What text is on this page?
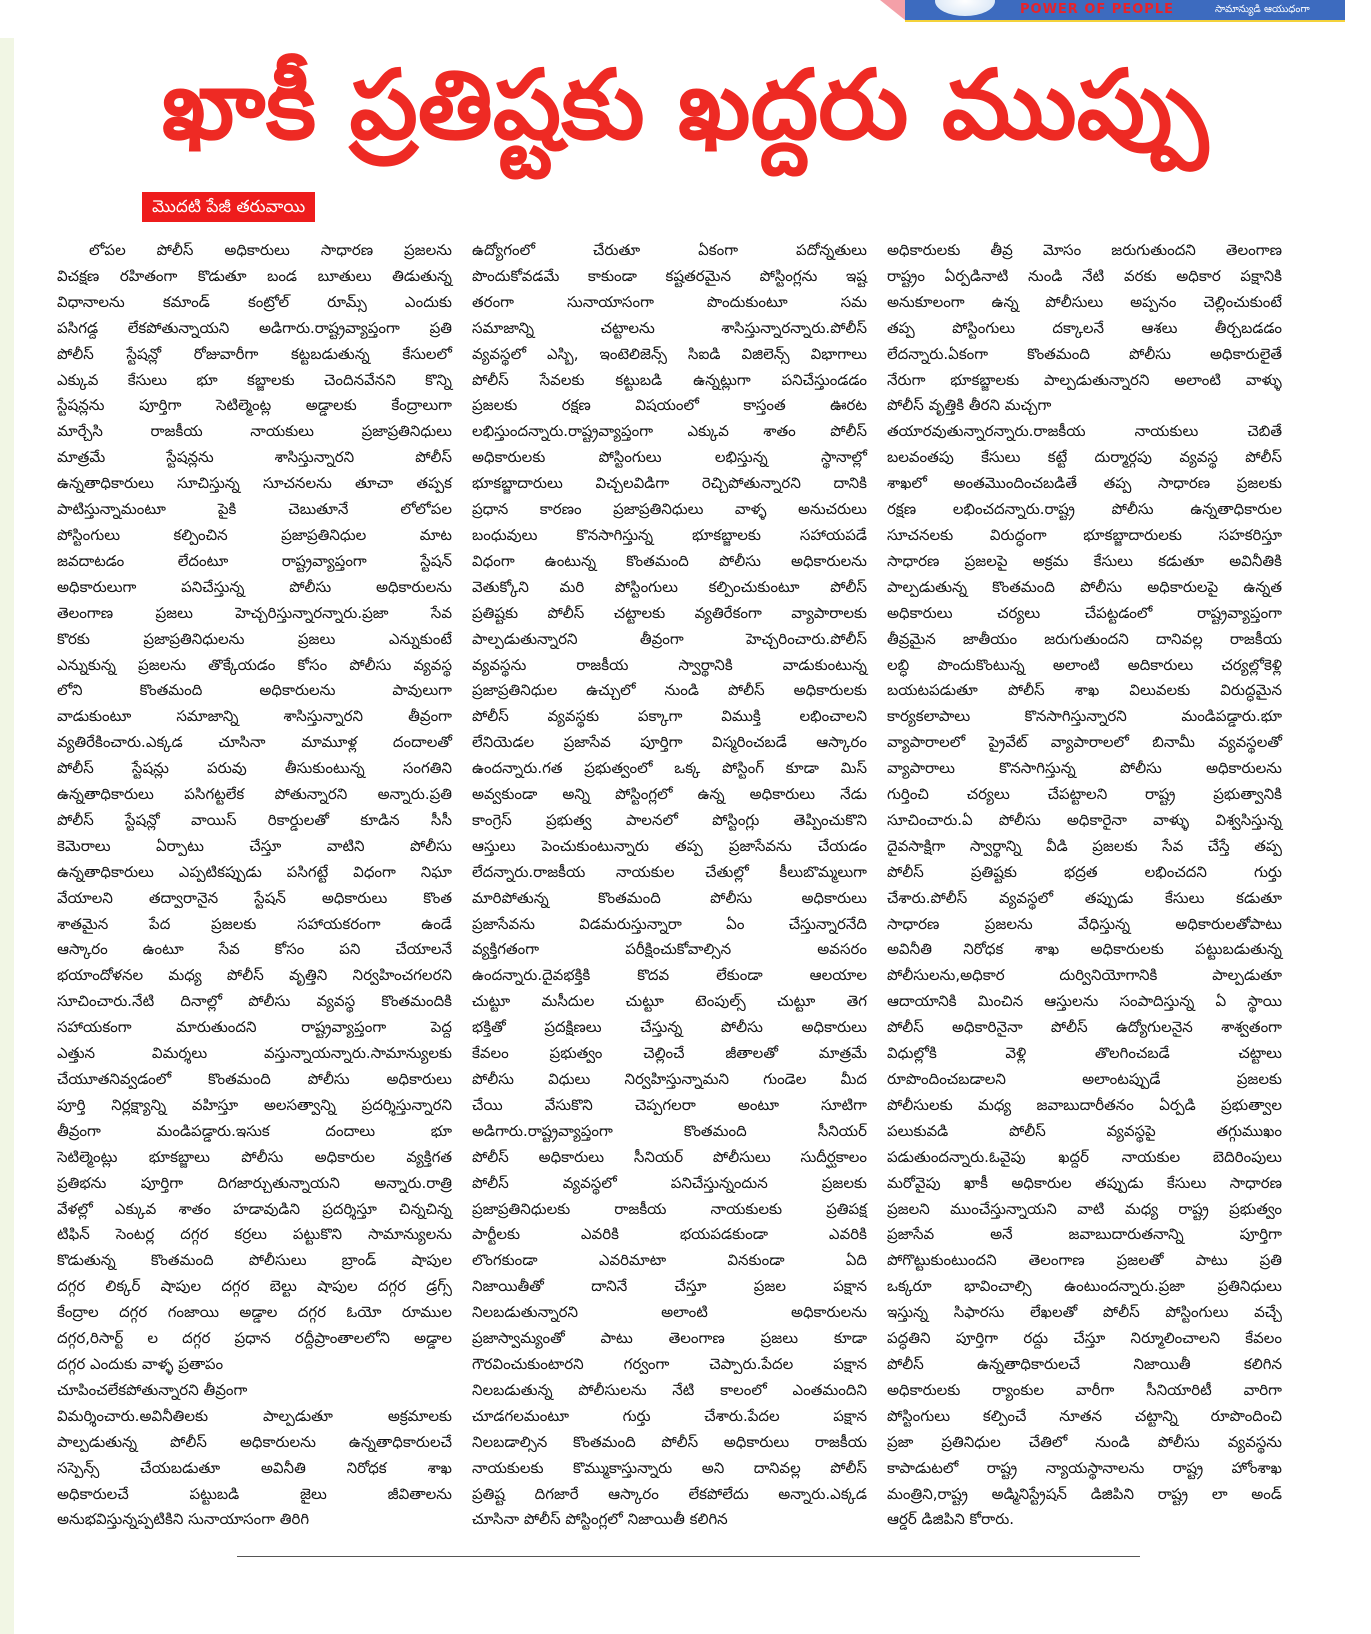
POWER OF PEOPLE	సామాన్యుడి ఆయుధంగా
ఖాకీ ప్రతిష్టకు ఖద్దరు ముప్పు
మొదటి పేజీ తరువాయి
లోపల పోలీస్ అధికారులు సాధారణ ప్రజలను
విచక్షణ రహితంగా కొడుతూ బండ బూతులు తిడుతున్న
విధానాలను కమాండ్ కంట్రోల్ రూమ్స్ ఎందుకు
పసిగడ్ద లేకపోతున్నాయని అడిగారు.రాష్ట్రవ్యాప్తంగా ప్రతి
పోలీస్ స్టేషన్లో రోజువారీగా కట్టబడుతున్న కేసులలో
ఎక్కువ కేసులు భూ కబ్జాలకు చెందినవేనని కొన్ని
స్టేషన్లను పూర్తిగా సెటిల్మెంట్ల అడ్డాలకు కేంద్రాలుగా
మార్చేసి రాజకీయ నాయకులు ప్రజాప్రతినిధులు
మాత్రమే స్టేషన్లను శాసిస్తున్నారని పోలీస్
ఉన్నతాధికారులు సూచిస్తున్న సూచనలను తూచా తప్పక
పాటిస్తున్నామంటూ పైకి చెబుతూనే లోలోపల
పోస్టింగులు కల్పించిన ప్రజాప్రతినిధుల మాట
జవదాటడం లేదంటూ రాష్ట్రవ్యాప్తంగా స్టేషన్
అధికారులుగా పనిచేస్తున్న పోలీసు అధికారులను
తెలంగాణ ప్రజలు హెచ్చరిస్తున్నారన్నారు.ప్రజా సేవ
కొరకు ప్రజాప్రతినిధులను ప్రజలు ఎన్నుకుంటే
ఎన్నుకున్న ప్రజలను తొక్కేయడం కోసం పోలీసు వ్యవస్థ
లోని కొంతమంది అధికారులను పావులుగా
వాడుకుంటూ సమాజాన్ని శాసిస్తున్నారని తీవ్రంగా
వ్యతిరేకించారు.ఎక్కడ చూసినా మామూళ్ల దందాలతో
పోలీస్ స్టేషన్లు పరువు తీసుకుంటున్న సంగతిని
ఉన్నతాధికారులు పసిగట్టలేక పోతున్నారని అన్నారు.ప్రతి
పోలీస్ స్టేషన్లో వాయిస్ రికార్డులతో కూడిన సీసీ
కెమెరాలు ఏర్పాటు చేస్తూ వాటిని పోలీసు
ఉన్నతాధికారులు ఎప్పటికప్పుడు పసిగట్టే విధంగా నిఘా
వేయాలని తద్వారానైన స్టేషన్ అధికారులు కొంత
శాతమైన పేద ప్రజలకు సహాయకరంగా ఉండే
ఆస్కారం ఉంటూ సేవ కోసం పని చేయాలనే
భయాందోళనల మధ్య పోలీస్ వృత్తిని నిర్వహించగలరని
సూచించారు.నేటి దినాల్లో పోలీసు వ్యవస్థ కొంతమందికి
సహాయకంగా మారుతుందని రాష్ట్రవ్యాప్తంగా పెద్ద
ఎత్తున విమర్శలు వస్తున్నాయన్నారు.సామాన్యులకు
చేయూతనివ్వడంలో కొంతమంది పోలీసు అధికారులు
పూర్తి నిర్లక్ష్యాన్ని వహిస్తూ అలసత్వాన్ని ప్రదర్శిస్తున్నారని
తీవ్రంగా మండిపడ్డారు.ఇసుక దందాలు భూ
సెటిల్మెంట్లు భూకబ్జాలు పోలీసు అధికారుల వ్యక్తిగత
ప్రతిభను పూర్తిగా దిగజార్చుతున్నాయని అన్నారు.రాత్రి
వేళల్లో ఎక్కువ శాతం హడావుడిని ప్రదర్శిస్తూ చిన్నచిన్న
టిఫిన్ సెంటర్ల దగ్గర కర్రలు పట్టుకొని సామాన్యులను
కొడుతున్న కొంతమంది పోలీసులు బ్రాండ్ షాపుల
దగ్గర లిక్కర్ షాపుల దగ్గర బెల్టు షాపుల దగ్గర డ్రగ్స్
కేంద్రాల దగ్గర గంజాయి అడ్డాల దగ్గర ఓయో రూముల
దగ్గర,రిసార్ట్ ల దగ్గర ప్రధాన రద్దీప్రాంతాలలోని అడ్డాల
దగ్గర ఎందుకు వాళ్ళ ప్రతాపం
చూపించలేకపోతున్నారని తీవ్రంగా
విమర్శించారు.అవినీతిలకు పాల్పడుతూ అక్రమాలకు
పాల్పడుతున్న పోలీస్ అధికారులను ఉన్నతాధికారులచే
సస్పెన్స్ చేయబడుతూ అవినీతి నిరోధక శాఖ
అధికారులచే పట్టుబడి జైలు జీవితాలను
అనుభవిస్తున్నప్పటికిని సునాయాసంగా తిరిగి
ఉద్యోగంలో చేరుతూ ఏకంగా పదోన్నతులు
పొందుకోవడమే కాకుండా కష్టతరమైన పోస్టింగ్లను ఇష్ట
తరంగా సునాయాసంగా పొందుకుంటూ సమ
సమాజాన్ని చట్టాలను శాసిస్తున్నారన్నారు.పోలీస్
వ్యవస్థలో ఎస్బి, ఇంటెలిజెన్స్ సిఐడి విజిలెన్స్ విభాగాలు
పోలీస్ సేవలకు కట్టుబడి ఉన్నట్లుగా పనిచేస్తుండడం
ప్రజలకు రక్షణ విషయంలో కాస్తంత ఊరట
లభిస్తుందన్నారు.రాష్ట్రవ్యాప్తంగా ఎక్కువ శాతం పోలీస్
అధికారులకు పోస్టింగులు లభిస్తున్న స్థానాల్లో
భూకబ్జాదారులు విచ్చలవిడిగా రెచ్చిపోతున్నారని దానికి
ప్రధాన కారణం ప్రజాప్రతినిధులు వాళ్ళ అనుచరులు
బంధువులు కొనసాగిస్తున్న భూకబ్జాలకు సహాయపడే
విధంగా ఉంటున్న కొంతమంది పోలీసు అధికారులను
వెతుక్కోని మరి పోస్టింగులు కల్పించుకుంటూ పోలీస్
ప్రతిష్టకు పోలీస్ చట్టాలకు వ్యతిరేకంగా వ్యాపారాలకు
పాల్పడుతున్నారని తీవ్రంగా హెచ్చరించారు.పోలీస్
వ్యవస్థను రాజకీయ స్వార్థానికి వాడుకుంటున్న
ప్రజాప్రతినిధుల ఉచ్చులో నుండి పోలీస్ అధికారులకు
పోలీస్ వ్యవస్థకు పక్కాగా విముక్తి లభించాలని
లేనియెడల ప్రజాసేవ పూర్తిగా విస్మరించబడే ఆస్కారం
ఉందన్నారు.గత ప్రభుత్వంలో ఒక్క పోస్టింగ్ కూడా మిస్
అవ్వకుండా అన్ని పోస్టింగ్లలో ఉన్న అధికారులు నేడు
కాంగ్రెస్ ప్రభుత్వ పాలనలో పోస్టింగ్లు తెప్పించుకొని
ఆస్తులు పెంచుకుంటున్నారు తప్ప ప్రజాసేవను చేయడం
లేదన్నారు.రాజకీయ నాయకుల చేతుల్లో కీలుబొమ్మలుగా
మారిపోతున్న కొంతమంది పోలీసు అధికారులు
ప్రజాసేవను విడమరుస్తున్నారా ఏం చేస్తున్నారనేది
వ్యక్తిగతంగా పరీక్షించుకోవాల్సిన అవసరం
ఉందన్నారు.దైవభక్తికి కొదవ లేకుండా ఆలయాల
చుట్టూ మసీదుల చుట్టూ టెంపుల్స్ చుట్టూ తెగ
భక్తితో ప్రదక్షిణలు చేస్తున్న పోలీసు అధికారులు
కేవలం ప్రభుత్వం చెల్లించే జీతాలతో మాత్రమే
పోలీసు విధులు నిర్వహిస్తున్నామని గుండెల మీద
చేయి వేసుకొని చెప్పగలరా అంటూ సూటిగా
అడిగారు.రాష్ట్రవ్యాప్తంగా కొంతమంది సీనియర్
పోలీస్ అధికారులు సీనియర్ పోలీసులు సుదీర్ఘకాలం
పోలీస్ వ్యవస్థలో పనిచేస్తున్నందున ప్రజలకు
ప్రజాప్రతినిధులకు రాజకీయ నాయకులకు ప్రతిపక్ష
పార్టీలకు ఎవరికి భయపడకుండా ఎవరికి
లొంగకుండా ఎవరిమాటా వినకుండా ఏది
నిజాయితీతో దానినే చేస్తూ ప్రజల పక్షాన
నిలబడుతున్నారని అలాంటి అధికారులను
ప్రజాస్వామ్యంతో పాటు తెలంగాణ ప్రజలు కూడా
గౌరవించుకుంటారని గర్వంగా చెప్పారు.పేదల పక్షాన
నిలబడుతున్న పోలీసులను నేటి కాలంలో ఎంతమందిని
చూడగలమంటూ గుర్తు చేశారు.పేదల పక్షాన
నిలబడాల్సిన కొంతమంది పోలీస్ అధికారులు రాజకీయ
నాయకులకు కొమ్ముకాస్తున్నారు అని దానివల్ల పోలీస్
ప్రతిష్ట దిగజారే ఆస్కారం లేకపోలేదు అన్నారు.ఎక్కడ
చూసినా పోలీస్ పోస్టింగ్లలో నిజాయితీ కలిగిన
అధికారులకు తీవ్ర మోసం జరుగుతుందని తెలంగాణ
రాష్ట్రం ఏర్పడినాటి నుండి నేటి వరకు అధికార పక్షానికి
అనుకూలంగా ఉన్న పోలీసులు అప్పనం చెల్లించుకుంటే
తప్ప పోస్టింగులు దక్కాలనే ఆశలు తీర్చబడడం
లేదన్నారు.ఏకంగా కొంతమంది పోలీసు అధికారులైతే
నేరుగా భూకబ్జాలకు పాల్పడుతున్నారని అలాంటి వాళ్ళు
పోలీస్ వృత్తికి తీరని మచ్చగా
తయారవుతున్నారన్నారు.రాజకీయ నాయకులు చెబితే
బలవంతపు కేసులు కట్టే దుర్మార్గపు వ్యవస్థ పోలీస్
శాఖలో అంతమొందించబడితే తప్ప సాధారణ ప్రజలకు
రక్షణ లభించదన్నారు.రాష్ట్ర పోలీసు ఉన్నతాధికారుల
సూచనలకు విరుద్ధంగా భూకబ్జాదారులకు సహకరిస్తూ
సాధారణ ప్రజలపై అక్రమ కేసులు కడుతూ అవినీతికి
పాల్పడుతున్న కొంతమంది పోలీసు అధికారులపై ఉన్నత
అధికారులు చర్యలు చేపట్టడంలో రాష్ట్రవ్యాప్తంగా
తీవ్రమైన జాతీయం జరుగుతుందని దానివల్ల రాజకీయ
లబ్ధి పొందుకొంటున్న అలాంటి అదికారులు చర్యల్లోకెళ్లి
బయటపడుతూ పోలీస్ శాఖ విలువలకు విరుద్ధమైన
కార్యకలాపాలు కొనసాగిస్తున్నారని మండిపడ్డారు.భూ
వ్యాపారాలలో ప్రైవేట్ వ్యాపారాలలో బినామీ వ్యవస్థలతో
వ్యాపారాలు కొనసాగిస్తున్న పోలీసు అధికారులను
గుర్తించి చర్యలు చేపట్టాలని రాష్ట్ర ప్రభుత్వానికి
సూచించారు.ఏ పోలీసు అధికారైనా వాళ్ళు విశ్వసిస్తున్న
దైవసాక్షిగా స్వార్థాన్ని వీడి ప్రజలకు సేవ చేస్తే తప్ప
పోలీస్ ప్రతిష్టకు భద్రత లభించదని గుర్తు
చేశారు.పోలీస్ వ్యవస్థలో తప్పుడు కేసులు కడుతూ
సాధారణ ప్రజలను వేధిస్తున్న అధికారులతోపాటు
అవినీతి నిరోధక శాఖ అధికారులకు పట్టుబడుతున్న
పోలీసులను,అధికార దుర్వినియోగానికి పాల్పడుతూ
ఆదాయానికి మించిన ఆస్తులను సంపాదిస్తున్న ఏ స్థాయి
పోలీస్ అధికారినైనా పోలీస్ ఉద్యోగులనైన శాశ్వతంగా
విధుల్లోకి వెళ్లి తొలగించబడే చట్టాలు
రూపొందించబడాలని అలాంటప్పుడే ప్రజలకు
పోలీసులకు మధ్య జవాబుదారీతనం ఏర్పడి ప్రభుత్వాల
పలుకువడి పోలీస్ వ్యవస్థపై తగ్గుముఖం
పడుతుందన్నారు.ఓవైపు ఖద్దర్ నాయకుల బెదిరింపులు
మరోవైపు ఖాకీ అధికారుల తప్పుడు కేసులు సాధారణ
ప్రజలని ముంచేస్తున్నాయని వాటి మధ్య రాష్ట్ర ప్రభుత్వం
ప్రజాసేవ అనే జవాబుదారుతనాన్ని పూర్తిగా
పోగొట్టుకుంటుందని తెలంగాణ ప్రజలతో పాటు ప్రతి
ఒక్కరూ భావించాల్సి ఉంటుందన్నారు.ప్రజా ప్రతినిధులు
ఇస్తున్న సిఫారసు లేఖలతో పోలీస్ పోస్టింగులు వచ్చే
పద్ధతిని పూర్తిగా రద్దు చేస్తూ నిర్మూలించాలని కేవలం
పోలీస్ ఉన్నతాధికారులచే నిజాయితీ కలిగిన
అధికారులకు ర్యాంకుల వారీగా సీనియారిటీ వారిగా
పోస్టింగులు కల్పించే నూతన చట్టాన్ని రూపొందించి
ప్రజా ప్రతినిధుల చేతిలో నుండి పోలీసు వ్యవస్థను
కాపాడుటలో రాష్ట్ర న్యాయస్థానాలను రాష్ట్ర హోంశాఖ
మంత్రిని,రాష్ట్ర అడ్మినిస్ట్రేషన్ డిజిపిని రాష్ట్ర లా అండ్
ఆర్డర్ డిజిపిని కోరారు.
